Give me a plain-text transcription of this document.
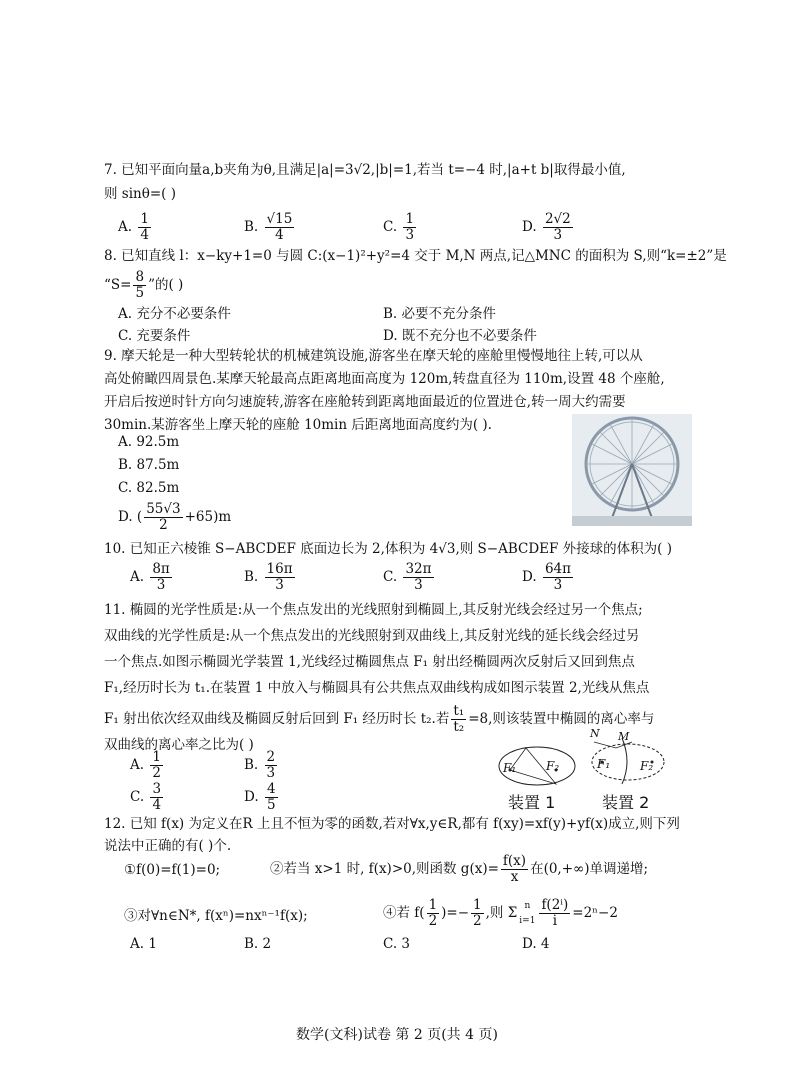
7. 已知平面向量a,b夹角为θ,且满足|a|=3√2,|b|=1,若当 t=−4 时,|a+t b|取得最小值,
则 sinθ=( )
A. $\frac{1}{4}$	B. $\frac{√15}{4}$	C. $\frac{1}{3}$	D. $\frac{2√2}{3}$
8. 已知直线 l：x−ky+1=0 与圆 C:(x−1)²+y²=4 交于 M,N 两点,记△MNC 的面积为 S,则“k=±2”是
“$S= \frac{8}{5}$ ”的( )
A. 充分不必要条件	B. 必要不充分条件
C. 充要条件	D. 既不充分也不必要条件
9. 摩天轮是一种大型转轮状的机械建筑设施,游客坐在摩天轮的座舱里慢慢地往上转,可以从
高处俯瞰四周景色.某摩天轮最高点距离地面高度为 120m,转盘直径为 110m,设置 48 个座舱,
开启后按逆时针方向匀速旋转,游客在座舱转到距离地面最近的位置进仓,转一周大约需要
30min.某游客坐上摩天轮的座舱 10min 后距离地面高度约为( ).
A. 92.5m
B. 87.5m
C. 82.5m
D. ( $\frac{55√3}{2} +65)m$
10. 已知正六棱锥 S−ABCDEF 底面边长为 2,体积为 4√3,则 S−ABCDEF 外接球的体积为( )
A. $\frac{8\pi}{3}$	B. $\frac{16\pi}{3}$	C. $\frac{32\pi}{3}$	D. $\frac{64\pi}{3}$
11. 椭圆的光学性质是:从一个焦点发出的光线照射到椭圆上,其反射光线会经过另一个焦点;
双曲线的光学性质是:从一个焦点发出的光线照射到双曲线上,其反射光线的延长线会经过另
一个焦点.如图示椭圆光学装置 1,光线经过椭圆焦点 F₁ 射出经椭圆两次反射后又回到焦点
F₁,经历时长为 t₁.在装置 1 中放入与椭圆具有公共焦点双曲线构成如图示装置 2,光线从焦点
F₁ 射出依次经双曲线及椭圆反射后回到 F₁ 经历时长 t₂.若 $\frac{\text{t₁}}{\text{t₂}} =8$,则该装置中椭圆的离心率与
双曲线的离心率之比为( )
A. $\frac{1}{2}$	B. $\frac{2}{3}$
C. $\frac{3}{4}$	D. $\frac{4}{5}$
F₁ F₂
装置 1
N M
F₁ F₂
装置 2
12. 已知 f(x) 为定义在R 上且不恒为零的函数,若对∀x,y∈R,都有 f(xy)=xf(y)+yf(x)成立,则下列
说法中正确的有( )个.
①f(0)=f(1)=0;	②若当 x>1 时, f(x)>0,则函数 $g(x)= \frac{f(x)}{x}$ 在(0,+∞)单调递增;
③对∀n∈N*, f(xⁿ)=nxⁿ⁻¹f(x);	④若 $f( \frac{1}{2}$ )=− $\frac{1}{2}$ ,则 Σ n
$i=1 \frac{\text{f(2ⁱ)}}{i} =2^n-2$
A. 1	B. 2	C. 3	D. 4
数学(文科)试卷 第 2 页(共 4 页)
